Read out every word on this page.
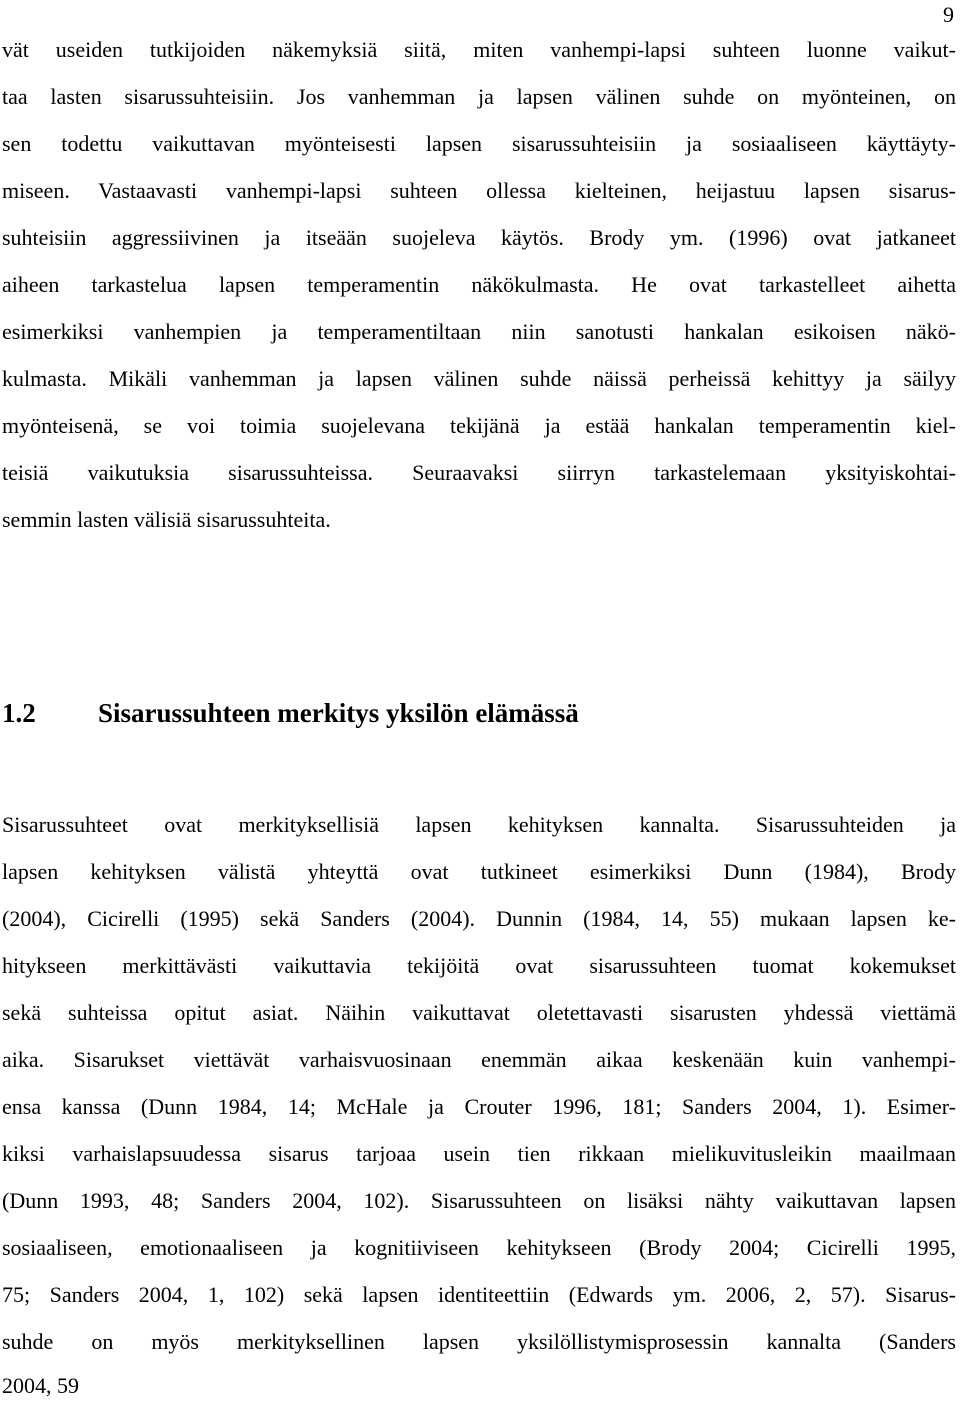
9
vät useiden tutkijoiden näkemyksiä siitä, miten vanhempi-lapsi suhteen luonne vaikut-
taa lasten sisarussuhteisiin. Jos vanhemman ja lapsen välinen suhde on myönteinen, on
sen todettu vaikuttavan myönteisesti lapsen sisarussuhteisiin ja sosiaaliseen käyttäyty-
miseen. Vastaavasti vanhempi-lapsi suhteen ollessa kielteinen, heijastuu lapsen sisarus-
suhteisiin aggressiivinen ja itseään suojeleva käytös. Brody ym. (1996) ovat jatkaneet
aiheen tarkastelua lapsen temperamentin näkökulmasta. He ovat tarkastelleet aihetta
esimerkiksi vanhempien ja temperamentiltaan niin sanotusti hankalan esikoisen näkö-
kulmasta. Mikäli vanhemman ja lapsen välinen suhde näissä perheissä kehittyy ja säilyy
myönteisenä, se voi toimia suojelevana tekijänä ja estää hankalan temperamentin kiel-
teisiä vaikutuksia sisarussuhteissa. Seuraavaksi siirryn tarkastelemaan yksityiskohtai-
semmin lasten välisiä sisarussuhteita.
1.2 Sisarussuhteen merkitys yksilön elämässä
Sisarussuhteet ovat merkityksellisiä lapsen kehityksen kannalta. Sisarussuhteiden ja
lapsen kehityksen välistä yhteyttä ovat tutkineet esimerkiksi Dunn (1984), Brody
(2004), Cicirelli (1995) sekä Sanders (2004). Dunnin (1984, 14, 55) mukaan lapsen ke-
hitykseen merkittävästi vaikuttavia tekijöitä ovat sisarussuhteen tuomat kokemukset
sekä suhteissa opitut asiat. Näihin vaikuttavat oletettavasti sisarusten yhdessä viettämä
aika. Sisarukset viettävät varhaisvuosinaan enemmän aikaa keskenään kuin vanhempi-
ensa kanssa (Dunn 1984, 14; McHale ja Crouter 1996, 181; Sanders 2004, 1). Esimer-
kiksi varhaislapsuudessa sisarus tarjoaa usein tien rikkaan mielikuvitusleikin maailmaan
(Dunn 1993, 48; Sanders 2004, 102). Sisarussuhteen on lisäksi nähty vaikuttavan lapsen
sosiaaliseen, emotionaaliseen ja kognitiiviseen kehitykseen (Brody 2004; Cicirelli 1995,
75; Sanders 2004, 1, 102) sekä lapsen identiteettiin (Edwards ym. 2006, 2, 57). Sisarus-
suhde on myös merkityksellinen lapsen yksilöllistymisprosessin kannalta (Sanders
2004, 59
